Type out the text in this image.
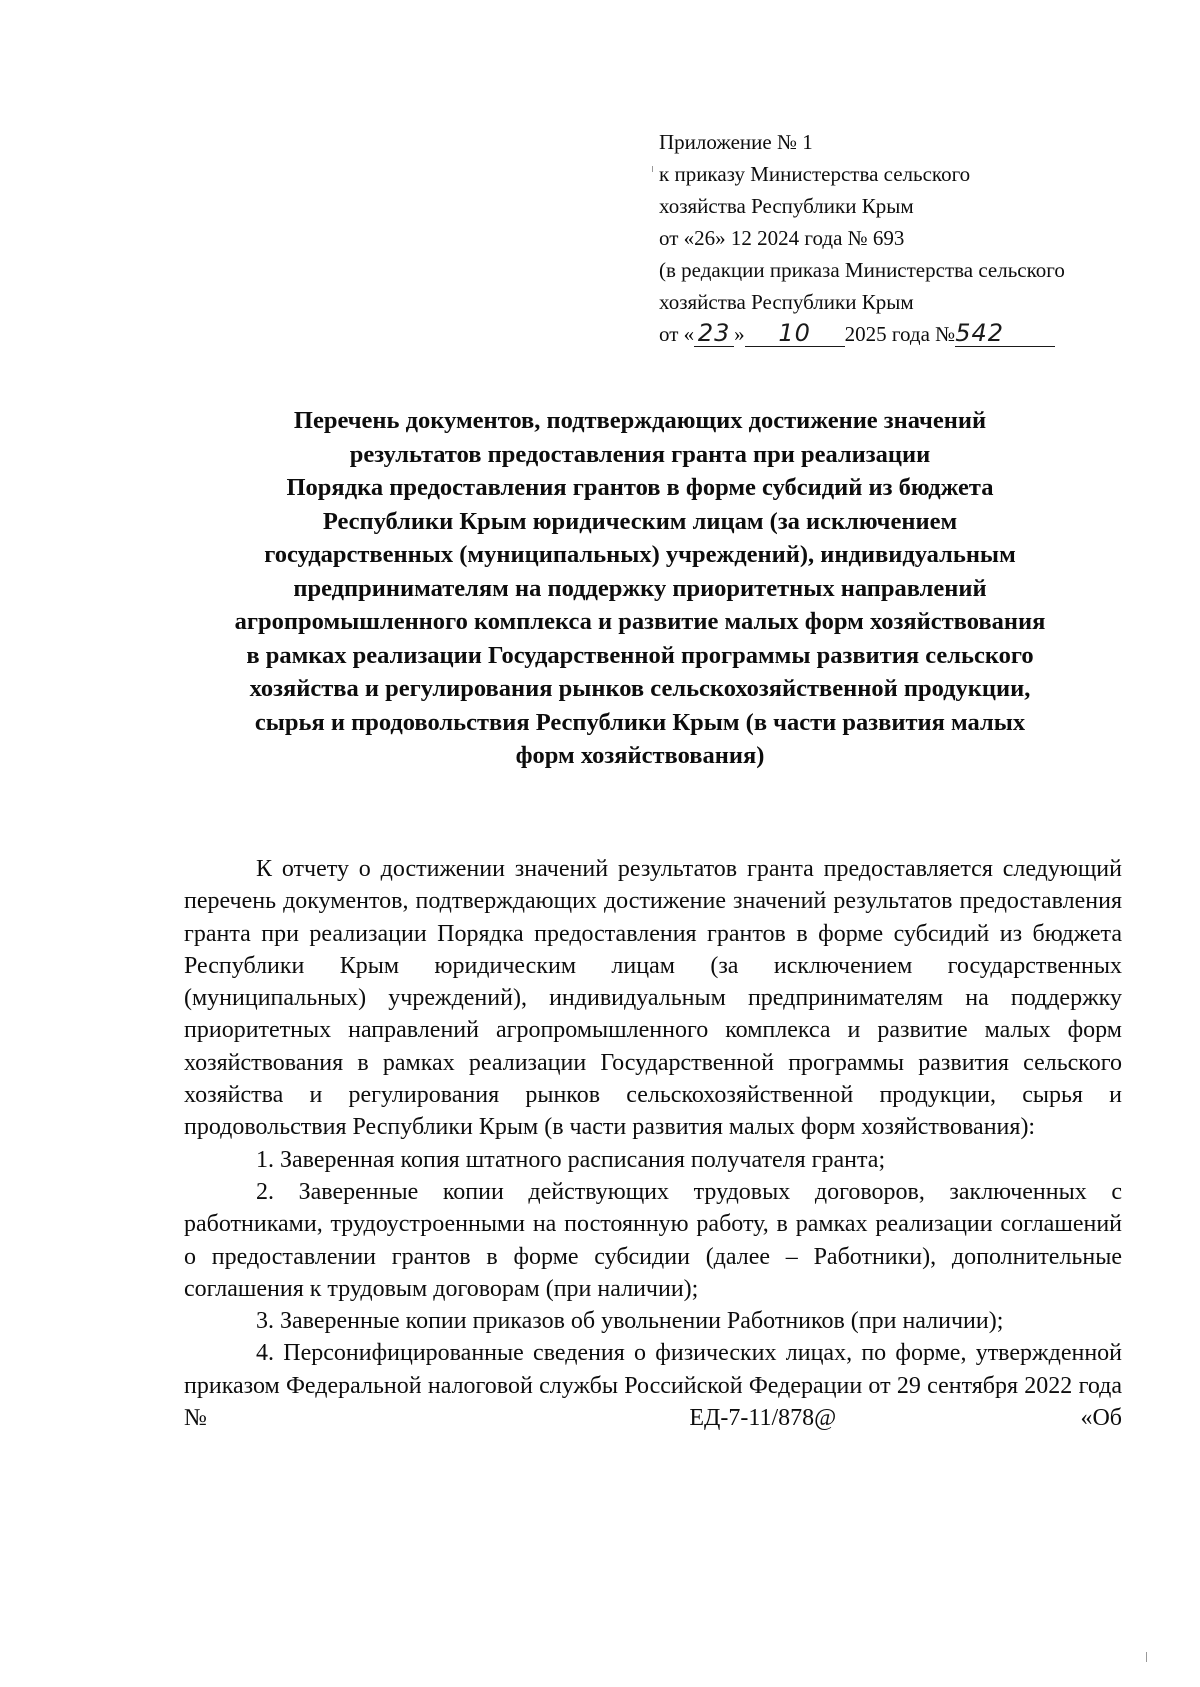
Приложение № 1
к приказу Министерства сельского
хозяйства Республики Крым
от «26» 12 2024 года № 693
(в редакции приказа Министерства сельского
хозяйства Республики Крым
от « 23 » 10 2025 года №542
Перечень документов, подтверждающих достижение значений
результатов предоставления гранта при реализации
Порядка предоставления грантов в форме субсидий из бюджета
Республики Крым юридическим лицам (за исключением
государственных (муниципальных) учреждений), индивидуальным
предпринимателям на поддержку приоритетных направлений
агропромышленного комплекса и развитие малых форм хозяйствования
в рамках реализации Государственной программы развития сельского
хозяйства и регулирования рынков сельскохозяйственной продукции,
сырья и продовольствия Республики Крым (в части развития малых
форм хозяйствования)

К отчету о достижении значений результатов гранта предоставляется следующий перечень документов, подтверждающих достижение значений результатов предоставления гранта при реализации Порядка предоставления грантов в форме субсидий из бюджета Республики Крым юридическим лицам (за исключением государственных (муниципальных) учреждений), индивидуальным предпринимателям на поддержку приоритетных направлений агропромышленного комплекса и развитие малых форм хозяйствования в рамках реализации Государственной программы развития сельского хозяйства и регулирования рынков сельскохозяйственной продукции, сырья и продовольствия Республики Крым (в части развития малых форм хозяйствования):

1. Заверенная копия штатного расписания получателя гранта;

2. Заверенные копии действующих трудовых договоров, заключенных с работниками, трудоустроенными на постоянную работу, в рамках реализации соглашений о предоставлении грантов в форме субсидии (далее – Работники), дополнительные соглашения к трудовым договорам (при наличии);

3. Заверенные копии приказов об увольнении Работников (при наличии);

4. Персонифицированные сведения о физических лицах, по форме, утвержденной приказом Федеральной налоговой службы Российской Федерации от 29 сентября 2022 года № ЕД-7-11/878@ «Об
